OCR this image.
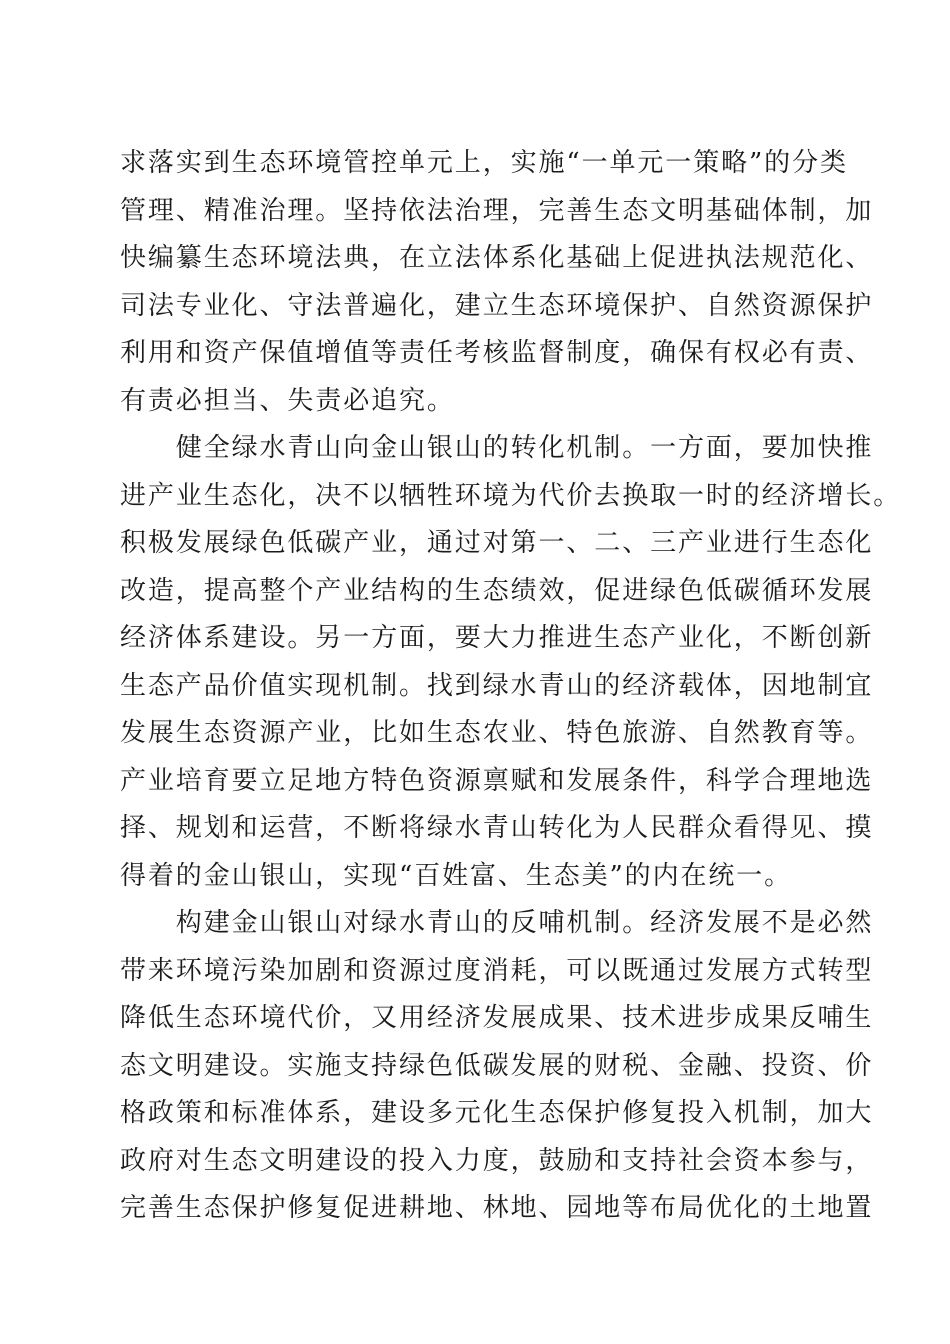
求落实到生态环境管控单元上，实施“一单元一策略”的分类
管理、精准治理。坚持依法治理，完善生态文明基础体制，加
快编纂生态环境法典，在立法体系化基础上促进执法规范化、
司法专业化、守法普遍化，建立生态环境保护、自然资源保护
利用和资产保值增值等责任考核监督制度，确保有权必有责、
有责必担当、失责必追究。
　　健全绿水青山向金山银山的转化机制。一方面，要加快推
进产业生态化，决不以牺牲环境为代价去换取一时的经济增长。
积极发展绿色低碳产业，通过对第一、二、三产业进行生态化
改造，提高整个产业结构的生态绩效，促进绿色低碳循环发展
经济体系建设。另一方面，要大力推进生态产业化，不断创新
生态产品价值实现机制。找到绿水青山的经济载体，因地制宜
发展生态资源产业，比如生态农业、特色旅游、自然教育等。
产业培育要立足地方特色资源禀赋和发展条件，科学合理地选
择、规划和运营，不断将绿水青山转化为人民群众看得见、摸
得着的金山银山，实现“百姓富、生态美”的内在统一。
　　构建金山银山对绿水青山的反哺机制。经济发展不是必然
带来环境污染加剧和资源过度消耗，可以既通过发展方式转型
降低生态环境代价，又用经济发展成果、技术进步成果反哺生
态文明建设。实施支持绿色低碳发展的财税、金融、投资、价
格政策和标准体系，建设多元化生态保护修复投入机制，加大
政府对生态文明建设的投入力度，鼓励和支持社会资本参与，
完善生态保护修复促进耕地、林地、园地等布局优化的土地置
